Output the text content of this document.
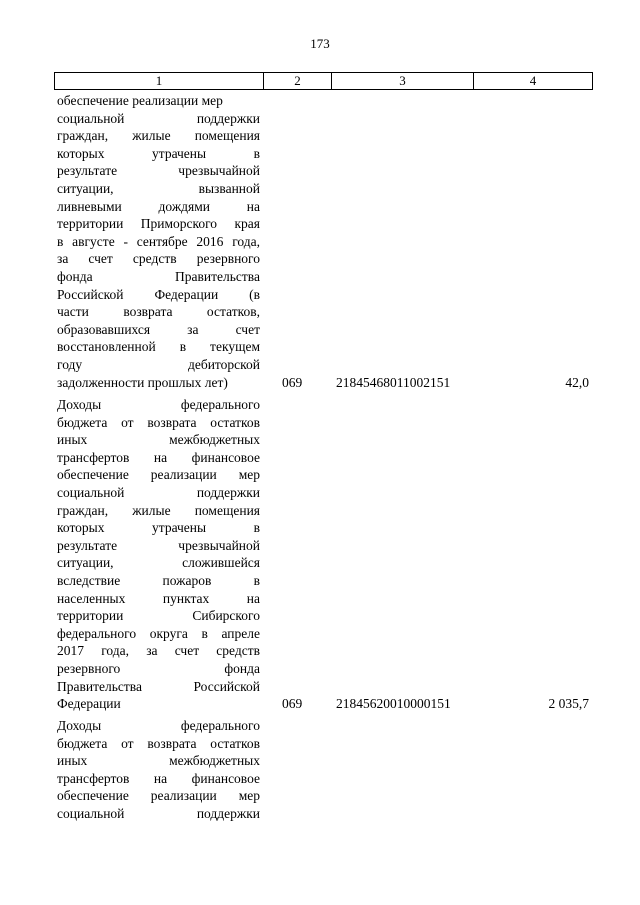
173
1	2	3	4
обеспечение реализации мер
социальной поддержки
граждан, жилые помещения
которых утрачены в
результате чрезвычайной
ситуации, вызванной
ливневыми дождями на
территории Приморского края
в августе - сентябре 2016 года,
за счет средств резервного
фонда Правительства
Российской Федерации (в
части возврата остатков,
образовавшихся за счет
восстановленной в текущем
году дебиторской
задолженности прошлых лет)	069	21845468011002151	42,0
Доходы федерального
бюджета от возврата остатков
иных межбюджетных
трансфертов на финансовое
обеспечение реализации мер
социальной поддержки
граждан, жилые помещения
которых утрачены в
результате чрезвычайной
ситуации, сложившейся
вследствие пожаров в
населенных пунктах на
территории Сибирского
федерального округа в апреле
2017 года, за счет средств
резервного фонда
Правительства Российской
Федерации	069	21845620010000151	2 035,7
Доходы федерального
бюджета от возврата остатков
иных межбюджетных
трансфертов на финансовое
обеспечение реализации мер
социальной поддержки
